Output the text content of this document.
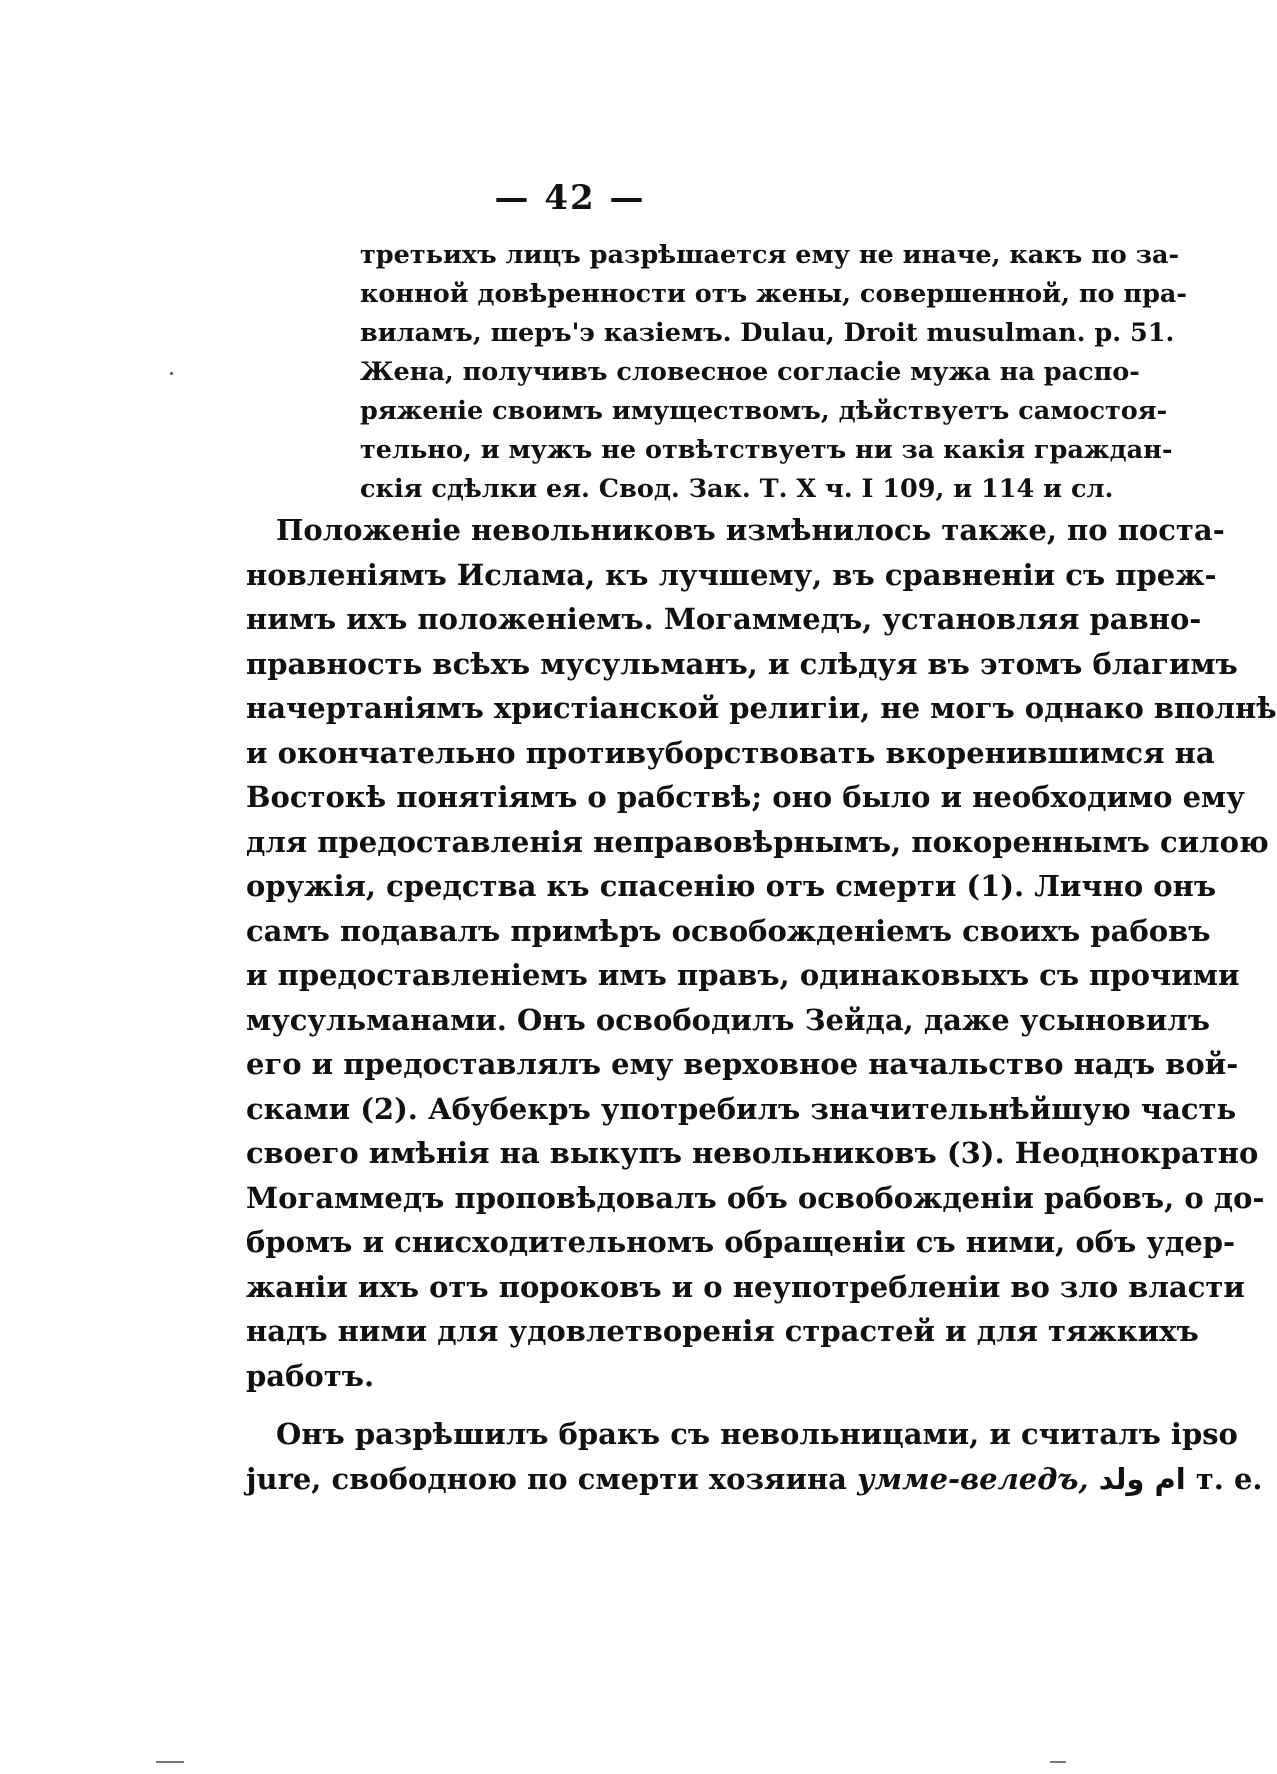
— 42 —
третьихъ лицъ разрѣшается ему не иначе, какъ по за-
конной довѣренности отъ жены, совершенной, по пра-
виламъ, шеръ'э казіемъ. Dulau, Droit musulman. p. 51.
Жена, получивъ словесное согласіе мужа на распо-
ряженіе своимъ имуществомъ, дѣйствуетъ самостоя-
тельно, и мужъ не отвѣтствуетъ ни за какія граждан-
скія сдѣлки ея. Свод. Зак. Т. X ч. I 109, и 114 и сл.
Положеніе невольниковъ измѣнилось также, по поста-
новленіямъ Ислама, къ лучшему, въ сравненіи съ преж-
нимъ ихъ положеніемъ. Могаммедъ, установляя равно-
правность всѣхъ мусульманъ, и слѣдуя въ этомъ благимъ
начертаніямъ христіанской религіи, не могъ однако вполнѣ
и окончательно противуборствовать вкоренившимся на
Востокѣ понятіямъ о рабствѣ; оно было и необходимо ему
для предоставленія неправовѣрнымъ, покореннымъ силою
оружія, средства къ спасенію отъ смерти (1). Лично онъ
самъ подавалъ примѣръ освобожденіемъ своихъ рабовъ
и предоставленіемъ имъ правъ, одинаковыхъ съ прочими
мусульманами. Онъ освободилъ Зейда, даже усыновилъ
его и предоставлялъ ему верховное начальство надъ вой-
сками (2). Абубекръ употребилъ значительнѣйшую часть
своего имѣнія на выкупъ невольниковъ (3). Неоднократно
Могаммедъ проповѣдовалъ объ освобожденіи рабовъ, о до-
бромъ и снисходительномъ обращеніи съ ними, объ удер-
жаніи ихъ отъ пороковъ и о неупотребленіи во зло власти
надъ ними для удовлетворенія страстей и для тяжкихъ
работъ.
Онъ разрѣшилъ бракъ съ невольницами, и считалъ ipso
jure, свободною по смерти хозяина умме-веледъ, ام ولد т. е.
